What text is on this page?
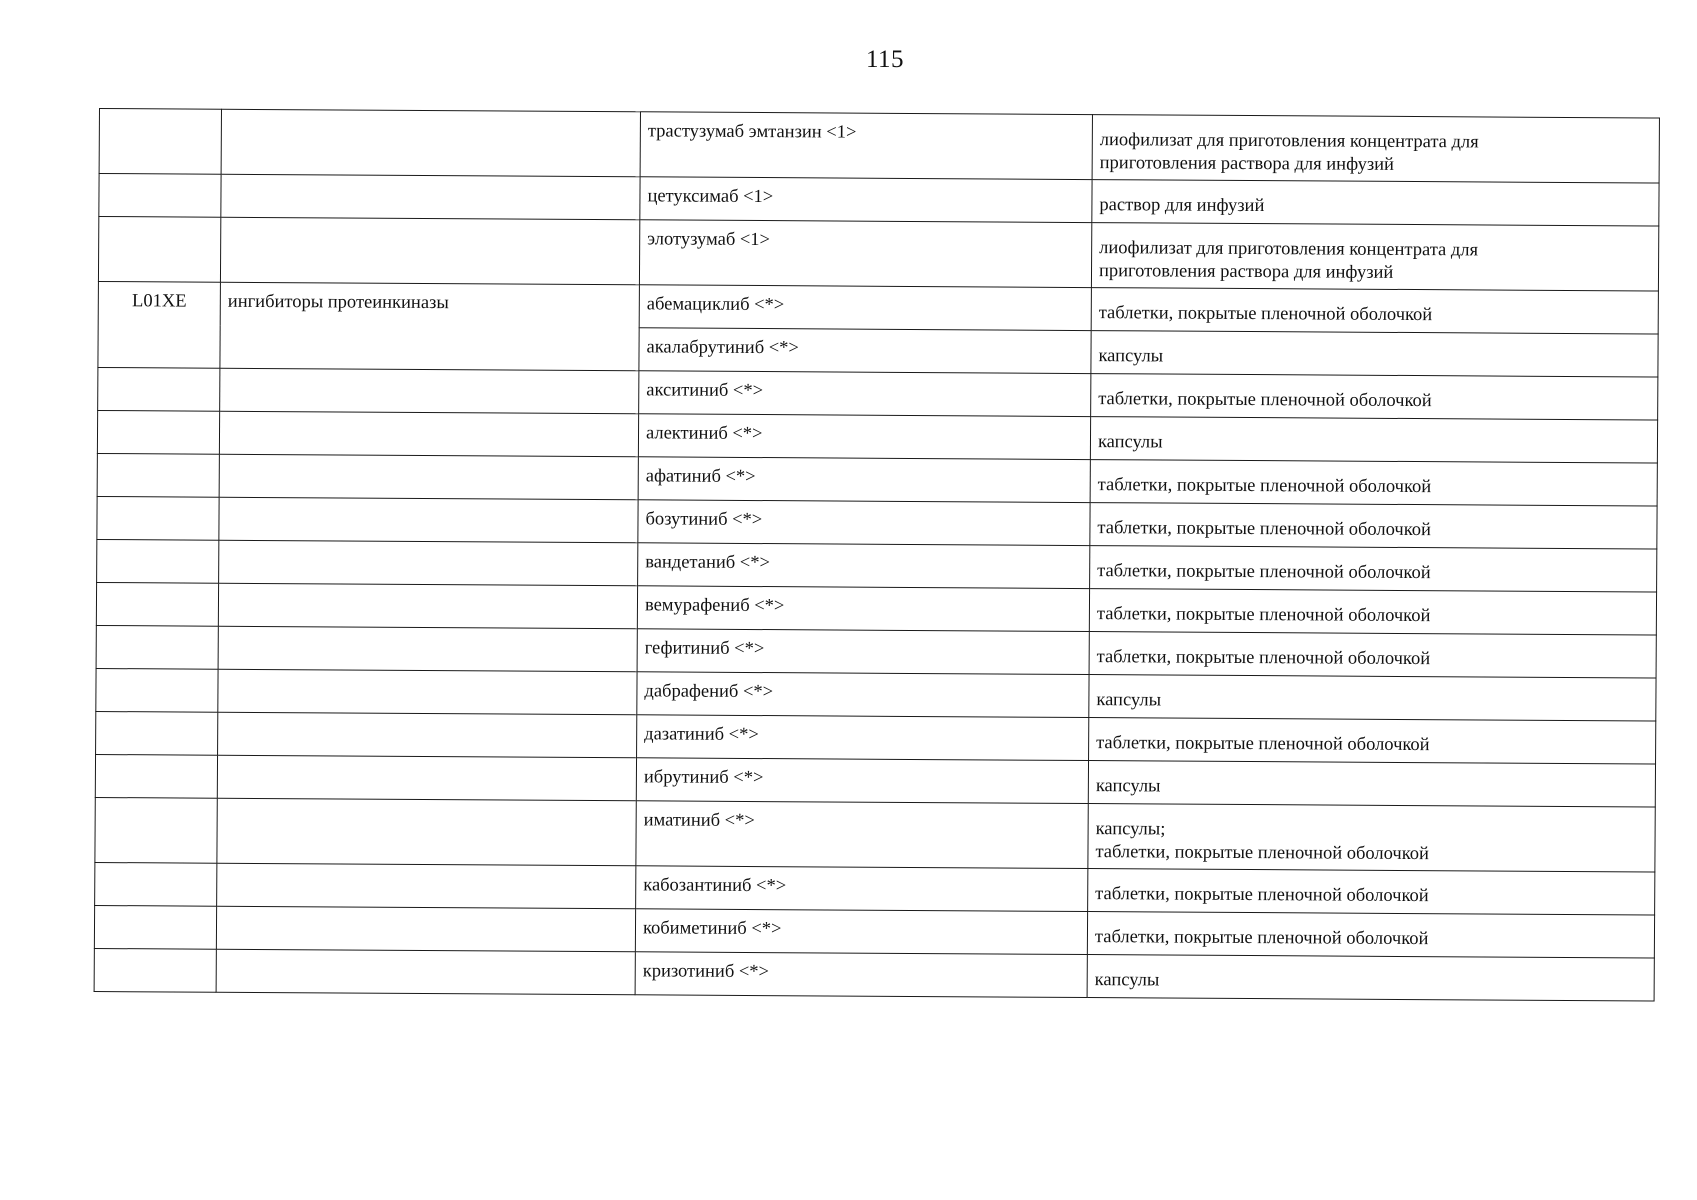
115
		трастузумаб эмтанзин <1>	лиофилизат для приготовления концентрата для
приготовления раствора для инфузий

		цетуксимаб <1>	раствор для инфузий

		элотузумаб <1>	лиофилизат для приготовления концентрата для
приготовления раствора для инфузий

L01XE	ингибиторы протеинкиназы	абемациклиб <*>	таблетки, покрытые пленочной оболочкой

		акалабрутиниб <*>	капсулы

		акситиниб <*>	таблетки, покрытые пленочной оболочкой

		алектиниб <*>	капсулы

		афатиниб <*>	таблетки, покрытые пленочной оболочкой

		бозутиниб <*>	таблетки, покрытые пленочной оболочкой

		вандетаниб <*>	таблетки, покрытые пленочной оболочкой

		вемурафениб <*>	таблетки, покрытые пленочной оболочкой

		гефитиниб <*>	таблетки, покрытые пленочной оболочкой

		дабрафениб <*>	капсулы

		дазатиниб <*>	таблетки, покрытые пленочной оболочкой

		ибрутиниб <*>	капсулы

		иматиниб <*>	капсулы;
таблетки, покрытые пленочной оболочкой

		кабозантиниб <*>	таблетки, покрытые пленочной оболочкой

		кобиметиниб <*>	таблетки, покрытые пленочной оболочкой

		кризотиниб <*>	капсулы
